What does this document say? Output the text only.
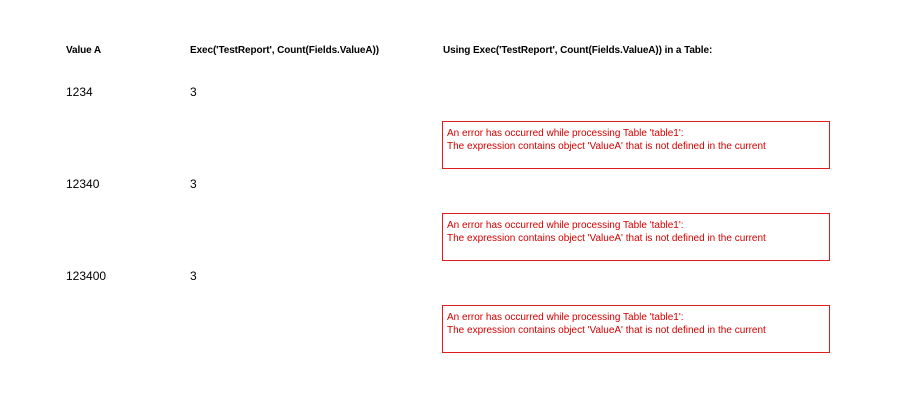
Value A	Exec('TestReport', Count(Fields.ValueA))	Using Exec('TestReport', Count(Fields.ValueA)) in a Table:
1234	3
An error has occurred while processing Table 'table1':
The expression contains object 'ValueA' that is not defined in the current
12340	3
An error has occurred while processing Table 'table1':
The expression contains object 'ValueA' that is not defined in the current
123400	3
An error has occurred while processing Table 'table1':
The expression contains object 'ValueA' that is not defined in the current
